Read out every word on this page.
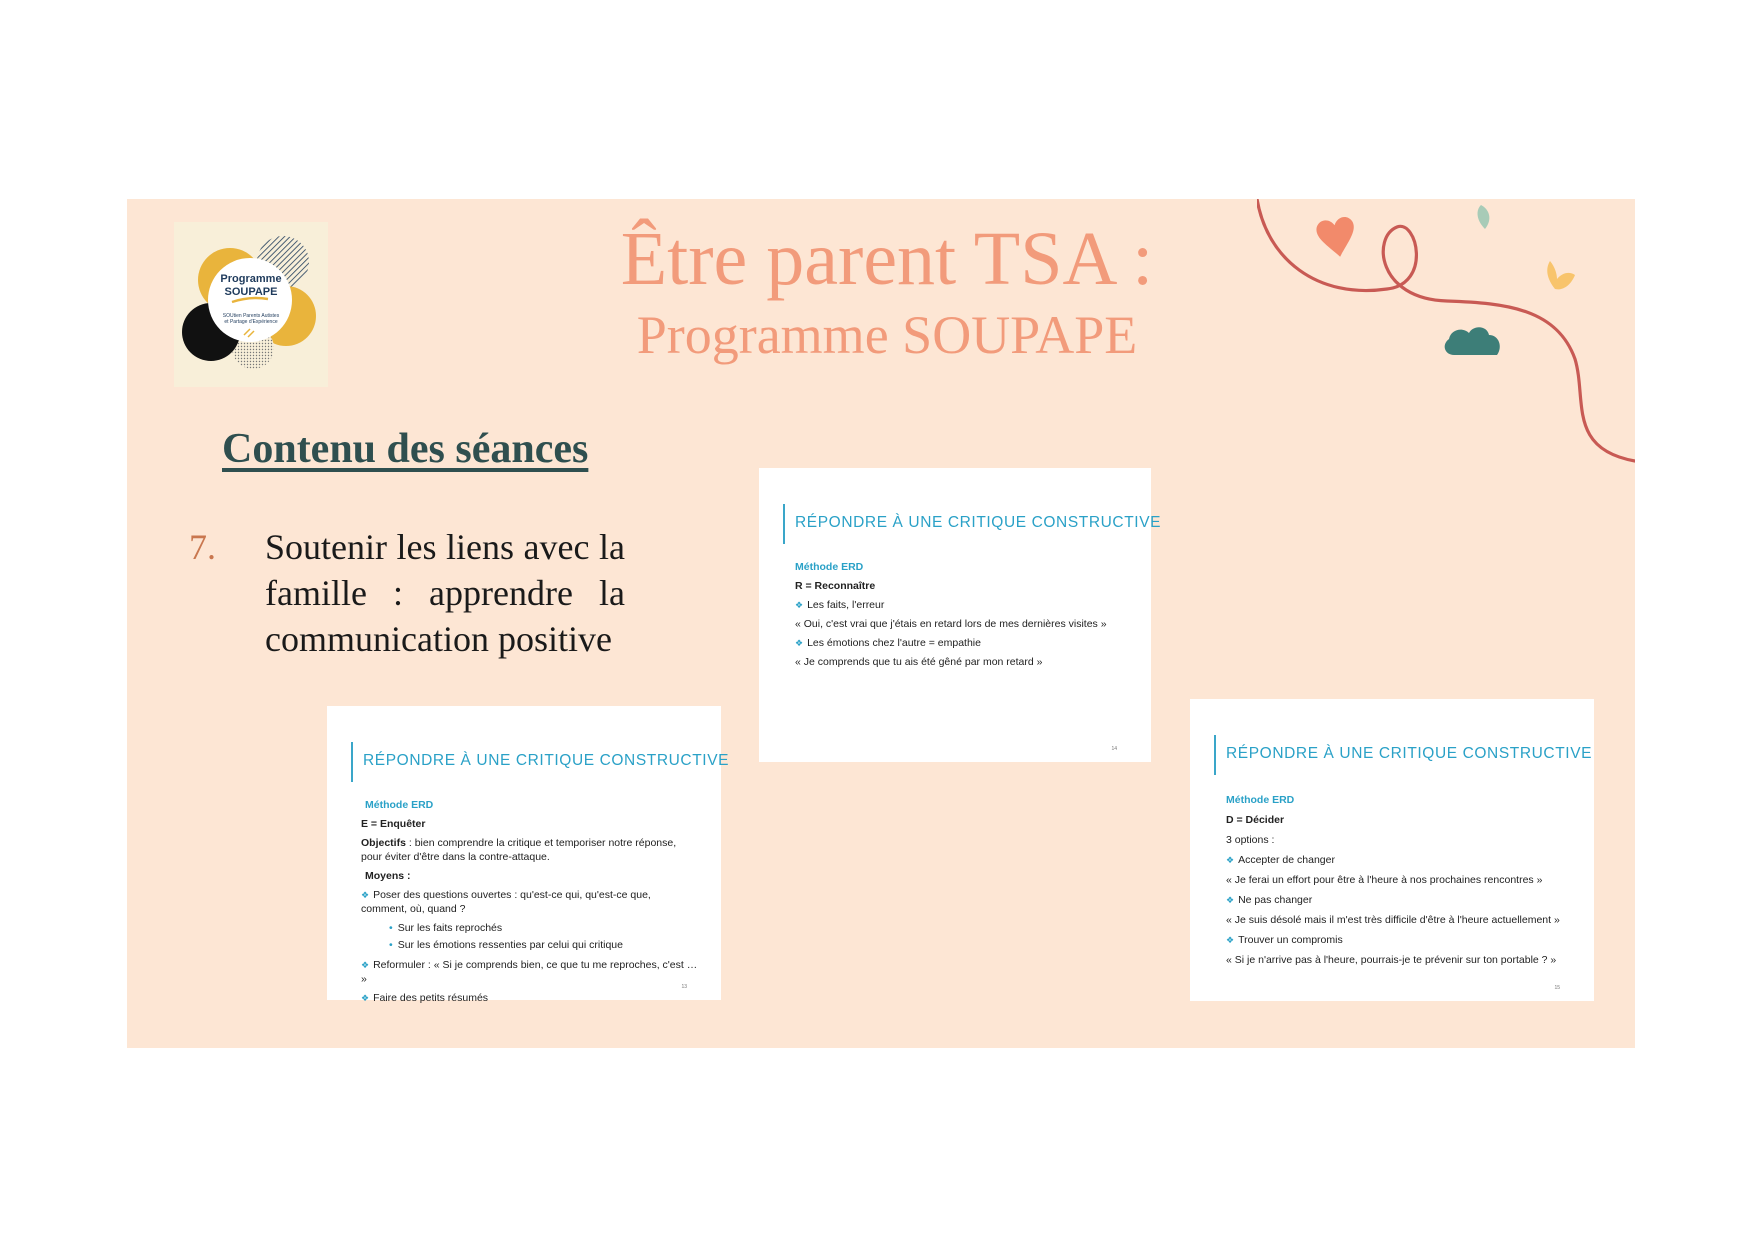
Programme
SOUPAPE
SOUtien Parents Autistes
et Partage d'Expérience
Être parent TSA :
Programme SOUPAPE
Contenu des séances
7. Soutenir les liens avec la famille : apprendre la communication positive
RÉPONDRE À UNE CRITIQUE CONSTRUCTIVE
Méthode ERD
R = Reconnaître
❖ Les faits, l'erreur
« Oui, c'est vrai que j'étais en retard lors de mes dernières visites »
❖ Les émotions chez l'autre = empathie
« Je comprends que tu ais été gêné par mon retard »
14
RÉPONDRE À UNE CRITIQUE CONSTRUCTIVE
Méthode ERD
E = Enquêter
Objectifs : bien comprendre la critique et temporiser notre réponse, pour éviter d'être dans la contre-attaque.
Moyens :
❖ Poser des questions ouvertes : qu'est-ce qui, qu'est-ce que, comment, où, quand ?
• Sur les faits reprochés
• Sur les émotions ressenties par celui qui critique
❖ Reformuler : « Si je comprends bien, ce que tu me reproches, c'est … »
❖ Faire des petits résumés
13
RÉPONDRE À UNE CRITIQUE CONSTRUCTIVE
Méthode ERD
D = Décider
3 options :
❖ Accepter de changer
« Je ferai un effort pour être à l'heure à nos prochaines rencontres »
❖ Ne pas changer
« Je suis désolé mais il m'est très difficile d'être à l'heure actuellement »
❖ Trouver un compromis
« Si je n'arrive pas à l'heure, pourrais-je te prévenir sur ton portable ? »
15
